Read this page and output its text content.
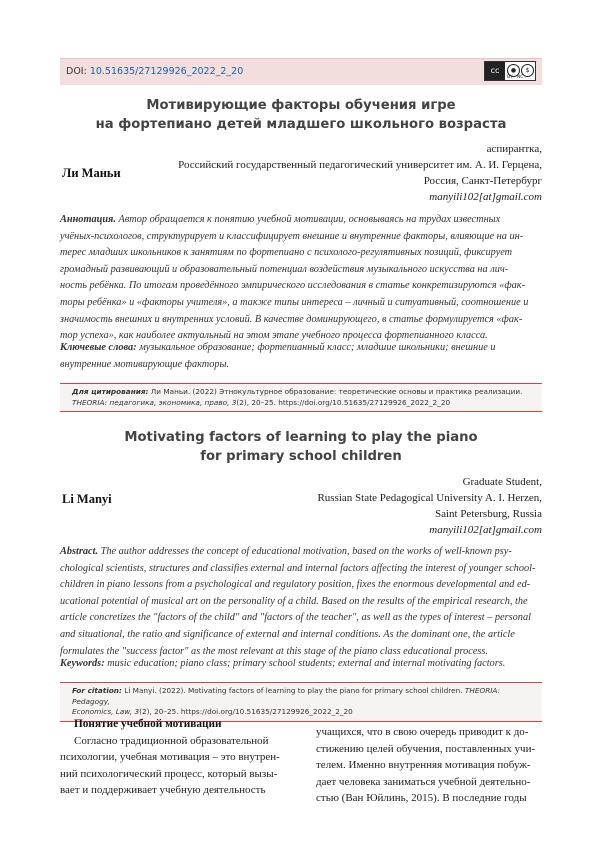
DOI: 10.51635/27129926_2022_2_20	cc	●	$
BY NC
Мотивирующие факторы обучения игре
на фортепиано детей младшего школьного возраста
Ли Маньи
аспирантка,
Российский государственный педагогический университет им. А. И. Герцена,
Россия, Санкт-Петербург
manyili102[at]gmail.com
Аннотация. Автор обращается к понятию учебной мотивации, основываясь на трудах известных
учёных-психологов, структурирует и классифицирует внешние и внутренние факторы, влияющие на ин-
терес младших школьников к занятиям по фортепиано с психолого-регулятивных позиций, фиксирует
громадный развивающий и образовательный потенциал воздействия музыкального искусства на лич-
ность ребёнка. По итогам проведённого эмпирического исследования в статье конкретизируются «фак-
торы ребёнка» и «факторы учителя», а также типы интереса – личный и ситуативный, соотношение и
значимость внешних и внутренних условий. В качестве доминирующего, в статье формулируется «фак-
тор успеха», как наиболее актуальный на этом этапе учебного процесса фортепианного класса.
Ключевые слова: музыкальное образование; фортепианный класс; младшие школьники; внешние и
внутренние мотивирующие факторы.
Для цитирования: Ли Маньи. (2022) Этнокультурное образование: теоретические основы и практика реализации.
THEORIA: педагогика, экономика, право, 3(2), 20–25. https://doi.org/10.51635/27129926_2022_2_20
Motivating factors of learning to play the piano
for primary school children
Li Manyi
Graduate Student,
Russian State Pedagogical University A. I. Herzen,
Saint Petersburg, Russia
manyili102[at]gmail.com
Abstract. The author addresses the concept of educational motivation, based on the works of well-known psy-
chological scientists, structures and classifies external and internal factors affecting the interest of younger school-
children in piano lessons from a psychological and regulatory position, fixes the enormous developmental and ed-
ucational potential of musical art on the personality of a child. Based on the results of the empirical research, the
article concretizes the "factors of the child" and "factors of the teacher", as well as the types of interest – personal
and situational, the ratio and significance of external and internal conditions. As the dominant one, the article
formulates the "success factor" as the most relevant at this stage of the piano class educational process.
Keywords: music education; piano class; primary school students; external and internal motivating factors.
For citation: Li Manyi. (2022). Motivating factors of learning to play the piano for primary school children. THEORIA: Pedagogy,
Economics, Law, 3(2), 20–25. https://doi.org/10.51635/27129926_2022_2_20
Понятие учебной мотивации
Согласно традиционной образовательной
психологии, учебная мотивация – это внутрен-
ний психологический процесс, который вызы-
вает и поддерживает учебную деятельность
учащихся, что в свою очередь приводит к до-
стижению целей обучения, поставленных учи-
телем. Именно внутренняя мотивация побуж-
дает человека заниматься учебной деятельно-
стью (Ван Юйлинь, 2015). В последние годы
